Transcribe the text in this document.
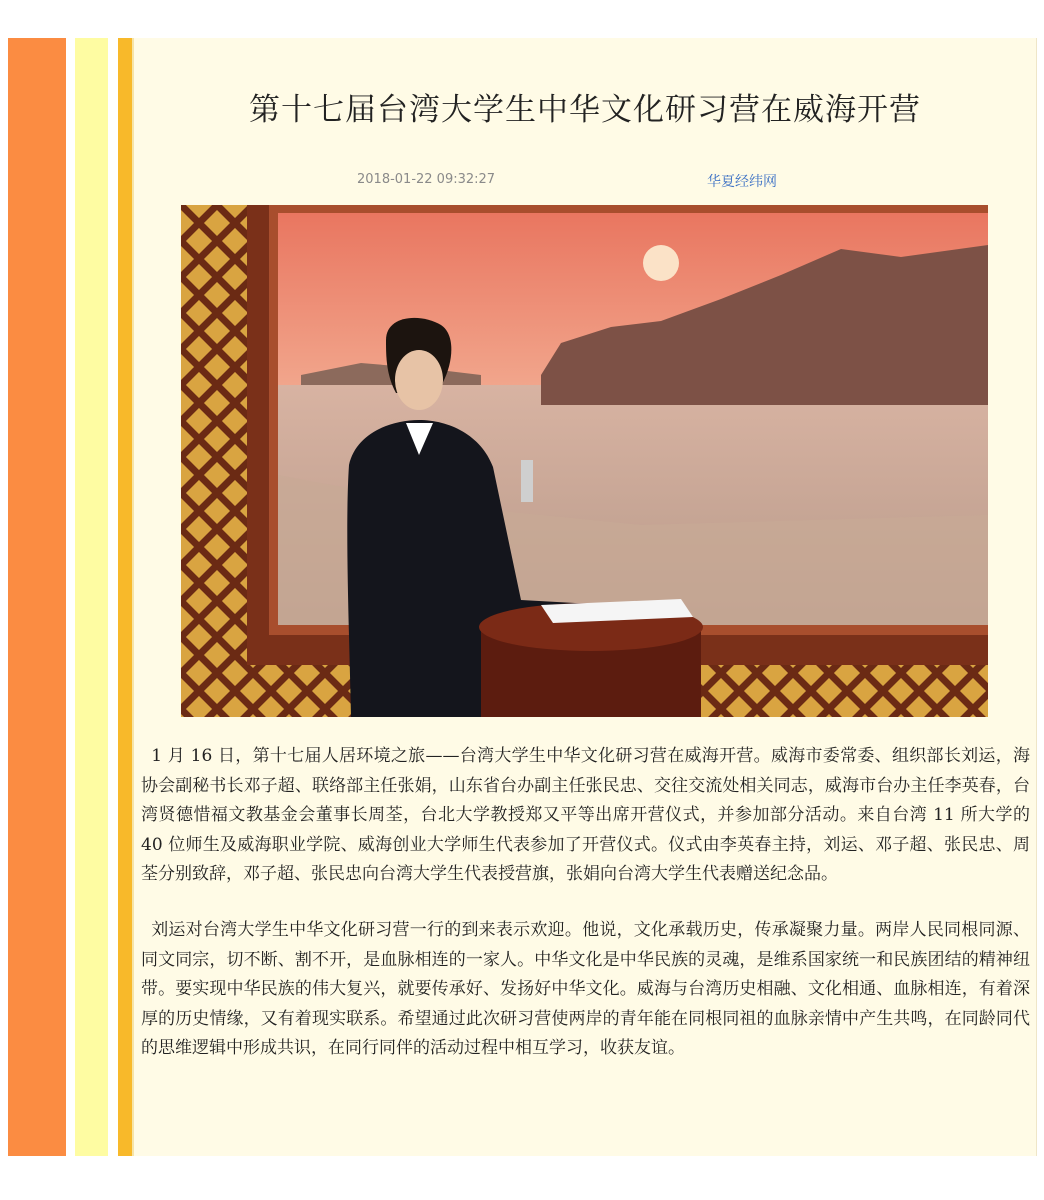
第十七届台湾大学生中华文化研习营在威海开营
2018-01-22 09:32:27	华夏经纬网

1 月 16 日，第十七届人居环境之旅——台湾大学生中华文化研习营在威海开营。威海市委常委、组织部长刘运，海协会副秘书长邓子超、联络部主任张娟，山东省台办副主任张民忠、交往交流处相关同志，威海市台办主任李英春，台湾贤德惜福文教基金会董事长周荃，台北大学教授郑又平等出席开营仪式，并参加部分活动。来自台湾 11 所大学的 40 位师生及威海职业学院、威海创业大学师生代表参加了开营仪式。仪式由李英春主持，刘运、邓子超、张民忠、周荃分别致辞，邓子超、张民忠向台湾大学生代表授营旗，张娟向台湾大学生代表赠送纪念品。

刘运对台湾大学生中华文化研习营一行的到来表示欢迎。他说，文化承载历史，传承凝聚力量。两岸人民同根同源、同文同宗，切不断、割不开，是血脉相连的一家人。中华文化是中华民族的灵魂，是维系国家统一和民族团结的精神纽带。要实现中华民族的伟大复兴，就要传承好、发扬好中华文化。威海与台湾历史相融、文化相通、血脉相连，有着深厚的历史情缘，又有着现实联系。希望通过此次研习营使两岸的青年能在同根同祖的血脉亲情中产生共鸣，在同龄同代的思维逻辑中形成共识，在同行同伴的活动过程中相互学习，收获友谊。
